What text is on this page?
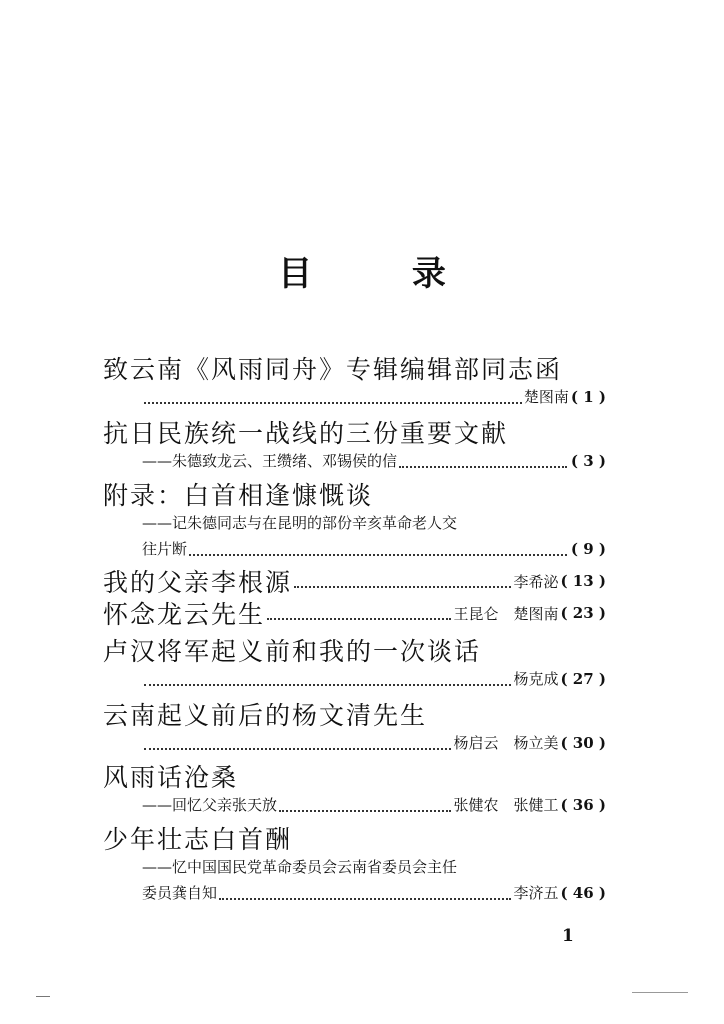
目 录
致云南《风雨同舟》专辑编辑部同志函
楚图南 ( 1 )
抗日民族统一战线的三份重要文献
——朱德致龙云、王缵绪、邓锡侯的信	( 3 )
附录：白首相逢慷慨谈
——记朱德同志与在昆明的部份辛亥革命老人交
往片断	( 9 )
我的父亲李根源	李希泌 ( 13 )
怀念龙云先生	王昆仑　楚图南 ( 23 )
卢汉将军起义前和我的一次谈话
杨克成 ( 27 )
云南起义前后的杨文清先生
杨启云　杨立美 ( 30 )
风雨话沧桑
——回忆父亲张天放	张健农　张健工 ( 36 )
少年壮志白首酬
——忆中国国民党革命委员会云南省委员会主任
委员龚自知	李济五 ( 46 )
1
